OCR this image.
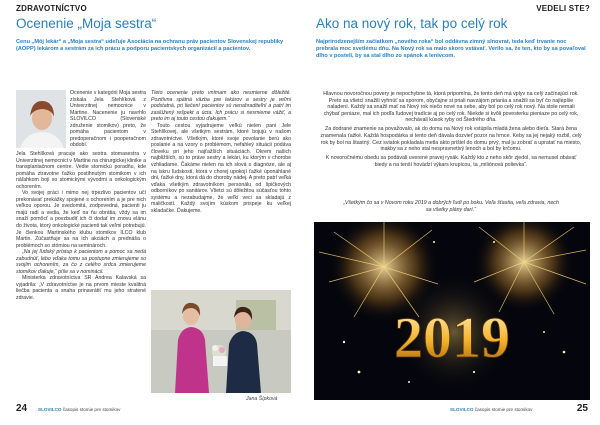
ZDRAVOTNÍCTVO
Ocenenie „Moja sestra“

Cenu „Môj lekár“ a „Moja sestra“ udeľuje Asociácia na ochranu práv pacientov Slovenskej republiky (AOPP) lekárom a sestrám za ich prácu a podporu pacientskych organizácií a pacientov.

Ocenenie v kategórii Moja sestra získala Jela Stehlíková z Univerzitnej nemocnice v Martine. Nacenenie ju navrhlo SLOVILCO (Slovenské združenie stomikov) preto, že pomáha pacientom v predoperačnom i pooperačnom období.

Jela Stehlíková pracuje ako sestra stomasestra v Univerzitnej nemocnici v Martine na chirurgickej klinike a transplantačnom centre. Vedie stomickú poradňu, kde pomáha ztravotne ťažko postihnutým stomikom v ich náľahkom boji so stomickými vývodmi a onkologickým ochorením.

Vo svojej práci i mimo nej trpezlivo pacientov učí prekonávať prekážky spojené s ochorením a je pre nich veľkou oporou. Je svedomitá, zodpovedná, pacienti ju majú radi a vedia, že keď na ňu obrátia, vždy sa im snaží pomôcť a povzbudiť ich či dodať im znovu elánu do života, ktorý onkologické pacienti tak veľmi potrebujú. Je členkou Martinského klubu stomikov ILCO klub Martin. Zúčastňuje sa na ich akciách a prednáša o problémoch so stómiou na seminároch.

„Na jej ľudský prístup k pacientom a pomoc sa nedá zabudnúť, lebo vďaka tomu sa postupne zmierujeme so svojím ochorením, za čo z celého srdca zmierujeme stomikov ďakuje,“ píše sa v nominácii.

Ministerka zdravotníctva SR Andrea Kalavská sa vyjadrila: „V zdravotníctve je na prvom mieste kvalitná liečba pacienta a snaha prinavrátiť mu jeho stratené zdravie.

Tieto ocenenie preto vnímam ako nesmierne dôležité. Pozitívna spätná väzba pre lekárov a sestry je veľmi podstatná, pri liečení pacientov sú nenahraditeľní a patrí im zaslúžený rešpekt a úcta. Ich prácu si nesmieme vážiť, a preto im aj touto cestou ďakujem.“

Touto cestou vyjadrujeme veľkú nielen pani Jele Stehlíkovej, ale všetkým sestrám, ktoré bojujú v našom zdravotníctve. Všetkým, ktoré svoje povolanie berú ako poslanie a na vzory o problémom, nefahleý situácii podáva človeku pri jeho najťažších situáciách. Okrem našich najbližších, sú to práve sestry a lekári, ku ktorým v chorobe vzhliadame. Čakáme nielen na ich slová o diagnóze, ale aj na iskru ľudskosti, ktorá v chorej upokojí ťažké úponáhlané dni, ťažké dny, ktorá dá do choroby nádej. A preto patrí veľká vďaka všetkým zdravotníkom personálu od špičkových odborníkov po sanitárov. Všetci sú dôležitou súčasťou tohto systému a nezabudajme, že veľkí veci sa skladajú z maličkostí. Každý svojím kúskom prispeje ku veľkej skladačke. Ďakujeme.

Jana Šípková
24 SLOVILCO časopis stomie pre stomikov
VEDELI STE?
Ako na nový rok, tak po celý rok

Najprirodzenejším začiatkom „nového roka“ bol oddávna zimný slnovrat, teda keď trvanie noc prebrala moc svetlému dňu. Na Nový rok sa malo skoro vstávať. Verilo sa, že ten, kto by sa povaľoval dlho v posteli, by sa stal dlho zo spánok a lenivcom.

Hlavnou novoročnou povery je nepochybne tá, ktorá pripomína, že tento deň má vplyv na celý začínajúci rok. Preto sa všetci snažili vyhnúť sa sporom, obyčajne si priali navzájom priania a snažili sa byť čo najlepšie naladení. Každý sa snažil mať na Nový rok niečo nové na sebe, aby bol po celý rok nový. Na stole nemali chýbať peniaze, mal ich podľa ľudovej tradície aj po celý rok. Niekde si kvôli povesterku pieniaze po celý rok, nechávali kúsok ryby od Štedrého dňa.

Za dodrané znamenie sa považovalo, ak do domu na Nový rok vstúpila mladá žena alebo dieťa. Stará žena znamenala ťažké. Každá hospodárka si tento deň dávala dozvieť pozor na hrnce. Keby sa jej nejaký rozbil, celý rok by bol na štastný. Cez sviatok pokladala metla akto prišiel do domu prvý, mal ju zobrať a upratať na miesto, inakby sa z neho stal nespravnetivý lenoch a bol by krčomu.

K novoročnému obedu sa podávali uverené pravej rysák. Každý kto z neho skôr zjedol, sa nemusel obávať biedy a na tenší hovädzí výkars krupicou, ta „miliónová polievka“.

„Všetkým čo sa v Novom roku 2019 a dobrých ľudí po boku. Veľa šťastia, veľa zdravia, nech sa všetky plány darí.“
2019
SLOVILCO časopis stomie pre stomikov	25
